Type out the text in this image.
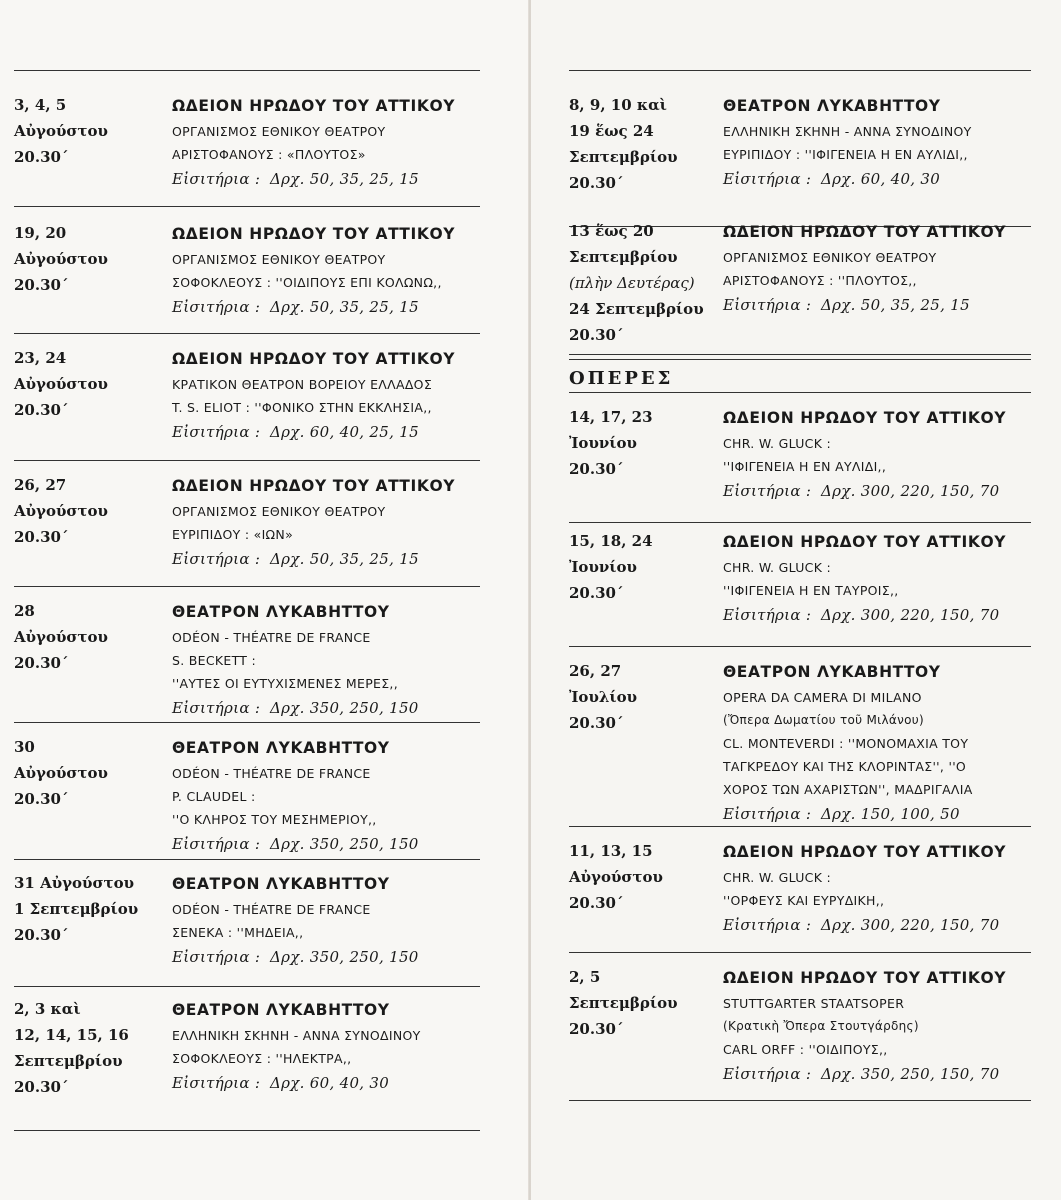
3, 4, 5
Αὐγούστου
20.30΄
ΩΔΕΙΟΝ ΗΡΩΔΟΥ ΤΟΥ ΑΤΤΙΚΟΥ
ΟΡΓΑΝΙΣΜΟΣ ΕΘΝΙΚΟΥ ΘΕΑΤΡΟΥ
ΑΡΙΣΤΟΦΑΝΟΥΣ : «ΠΛΟΥΤΟΣ»
Εἰσιτήρια : Δρχ. 50, 35, 25, 15
19, 20
Αὐγούστου
20.30΄
ΩΔΕΙΟΝ ΗΡΩΔΟΥ ΤΟΥ ΑΤΤΙΚΟΥ
ΟΡΓΑΝΙΣΜΟΣ ΕΘΝΙΚΟΥ ΘΕΑΤΡΟΥ
ΣΟΦΟΚΛΕΟΥΣ : ''ΟΙΔΙΠΟΥΣ ΕΠΙ ΚΟΛΩΝΩ,,
Εἰσιτήρια : Δρχ. 50, 35, 25, 15
23, 24
Αὐγούστου
20.30΄
ΩΔΕΙΟΝ ΗΡΩΔΟΥ ΤΟΥ ΑΤΤΙΚΟΥ
ΚΡΑΤΙΚΟΝ ΘΕΑΤΡΟΝ ΒΟΡΕΙΟΥ ΕΛΛΑΔΟΣ
T. S. ELIOT : ''ΦΟΝΙΚΟ ΣΤΗΝ ΕΚΚΛΗΣΙΑ,,
Εἰσιτήρια : Δρχ. 60, 40, 25, 15
26, 27
Αὐγούστου
20.30΄
ΩΔΕΙΟΝ ΗΡΩΔΟΥ ΤΟΥ ΑΤΤΙΚΟΥ
ΟΡΓΑΝΙΣΜΟΣ ΕΘΝΙΚΟΥ ΘΕΑΤΡΟΥ
ΕΥΡΙΠΙΔΟΥ : «ΙΩΝ»
Εἰσιτήρια : Δρχ. 50, 35, 25, 15
28
Αὐγούστου
20.30΄
ΘΕΑΤΡΟΝ ΛΥΚΑΒΗΤΤΟΥ
ODÉON - THÉATRE DE FRANCE
S. BECKETT :
''ΑΥΤΕΣ ΟΙ ΕΥΤΥΧΙΣΜΕΝΕΣ ΜΕΡΕΣ,,
Εἰσιτήρια : Δρχ. 350, 250, 150
30
Αὐγούστου
20.30΄
ΘΕΑΤΡΟΝ ΛΥΚΑΒΗΤΤΟΥ
ODÉON - THÉATRE DE FRANCE
P. CLAUDEL :
''Ο ΚΛΗΡΟΣ ΤΟΥ ΜΕΣΗΜΕΡΙΟΥ,,
Εἰσιτήρια : Δρχ. 350, 250, 150
31 Αὐγούστου
1 Σεπτεμβρίου
20.30΄
ΘΕΑΤΡΟΝ ΛΥΚΑΒΗΤΤΟΥ
ODÉON - THÉATRE DE FRANCE
ΣΕΝΕΚΑ : ''ΜΗΔΕΙΑ,,
Εἰσιτήρια : Δρχ. 350, 250, 150
2, 3 καὶ
12, 14, 15, 16
Σεπτεμβρίου
20.30΄
ΘΕΑΤΡΟΝ ΛΥΚΑΒΗΤΤΟΥ
ΕΛΛΗΝΙΚΗ ΣΚΗΝΗ - ΑΝΝΑ ΣΥΝΟΔΙΝΟΥ
ΣΟΦΟΚΛΕΟΥΣ : ''ΗΛΕΚΤΡΑ,,
Εἰσιτήρια : Δρχ. 60, 40, 30
8, 9, 10 καὶ
19 ἕως 24
Σεπτεμβρίου
20.30΄
ΘΕΑΤΡΟΝ ΛΥΚΑΒΗΤΤΟΥ
ΕΛΛΗΝΙΚΗ ΣΚΗΝΗ - ΑΝΝΑ ΣΥΝΟΔΙΝΟΥ
ΕΥΡΙΠΙΔΟΥ : ''ΙΦΙΓΕΝΕΙΑ Η ΕΝ ΑΥΛΙΔΙ,,
Εἰσιτήρια : Δρχ. 60, 40, 30
13 ἕως 20
Σεπτεμβρίου
(πλὴν Δευτέρας)
24 Σεπτεμβρίου
20.30΄
ΩΔΕΙΟΝ ΗΡΩΔΟΥ ΤΟΥ ΑΤΤΙΚΟΥ
ΟΡΓΑΝΙΣΜΟΣ ΕΘΝΙΚΟΥ ΘΕΑΤΡΟΥ
ΑΡΙΣΤΟΦΑΝΟΥΣ : ''ΠΛΟΥΤΟΣ,,
Εἰσιτήρια : Δρχ. 50, 35, 25, 15
14, 17, 23
Ἰουνίου
20.30΄
ΩΔΕΙΟΝ ΗΡΩΔΟΥ ΤΟΥ ΑΤΤΙΚΟΥ
CHR. W. GLUCK :
''ΙΦΙΓΕΝΕΙΑ Η ΕΝ ΑΥΛΙΔΙ,,
Εἰσιτήρια : Δρχ. 300, 220, 150, 70
15, 18, 24
Ἰουνίου
20.30΄
ΩΔΕΙΟΝ ΗΡΩΔΟΥ ΤΟΥ ΑΤΤΙΚΟΥ
CHR. W. GLUCK :
''ΙΦΙΓΕΝΕΙΑ Η ΕΝ ΤΑΥΡΟΙΣ,,
Εἰσιτήρια : Δρχ. 300, 220, 150, 70
26, 27
Ἰουλίου
20.30΄
ΘΕΑΤΡΟΝ ΛΥΚΑΒΗΤΤΟΥ
OPERA DA CAMERA DI MILANO
(Ὄπερα Δωματίου τοῦ Μιλάνου)
CL. MONTEVERDI : ''ΜΟΝΟΜΑΧΙΑ ΤΟΥ
ΤΑΓΚΡΕΔΟΥ ΚΑΙ ΤΗΣ ΚΛΟΡΙΝΤΑΣ'', ''Ο
ΧΟΡΟΣ ΤΩΝ ΑΧΑΡΙΣΤΩΝ'', ΜΑΔΡΙΓΑΛΙΑ
Εἰσιτήρια : Δρχ. 150, 100, 50
11, 13, 15
Αὐγούστου
20.30΄
ΩΔΕΙΟΝ ΗΡΩΔΟΥ ΤΟΥ ΑΤΤΙΚΟΥ
CHR. W. GLUCK :
''ΟΡΦΕΥΣ ΚΑΙ ΕΥΡΥΔΙΚΗ,,
Εἰσιτήρια : Δρχ. 300, 220, 150, 70
2, 5
Σεπτεμβρίου
20.30΄
ΩΔΕΙΟΝ ΗΡΩΔΟΥ ΤΟΥ ΑΤΤΙΚΟΥ
STUTTGARTER STAATSOPER
(Κρατικὴ Ὄπερα Στουτγάρδης)
CARL ORFF : ''ΟΙΔΙΠΟΥΣ,,
Εἰσιτήρια : Δρχ. 350, 250, 150, 70
ΟΠΕΡΕΣ
